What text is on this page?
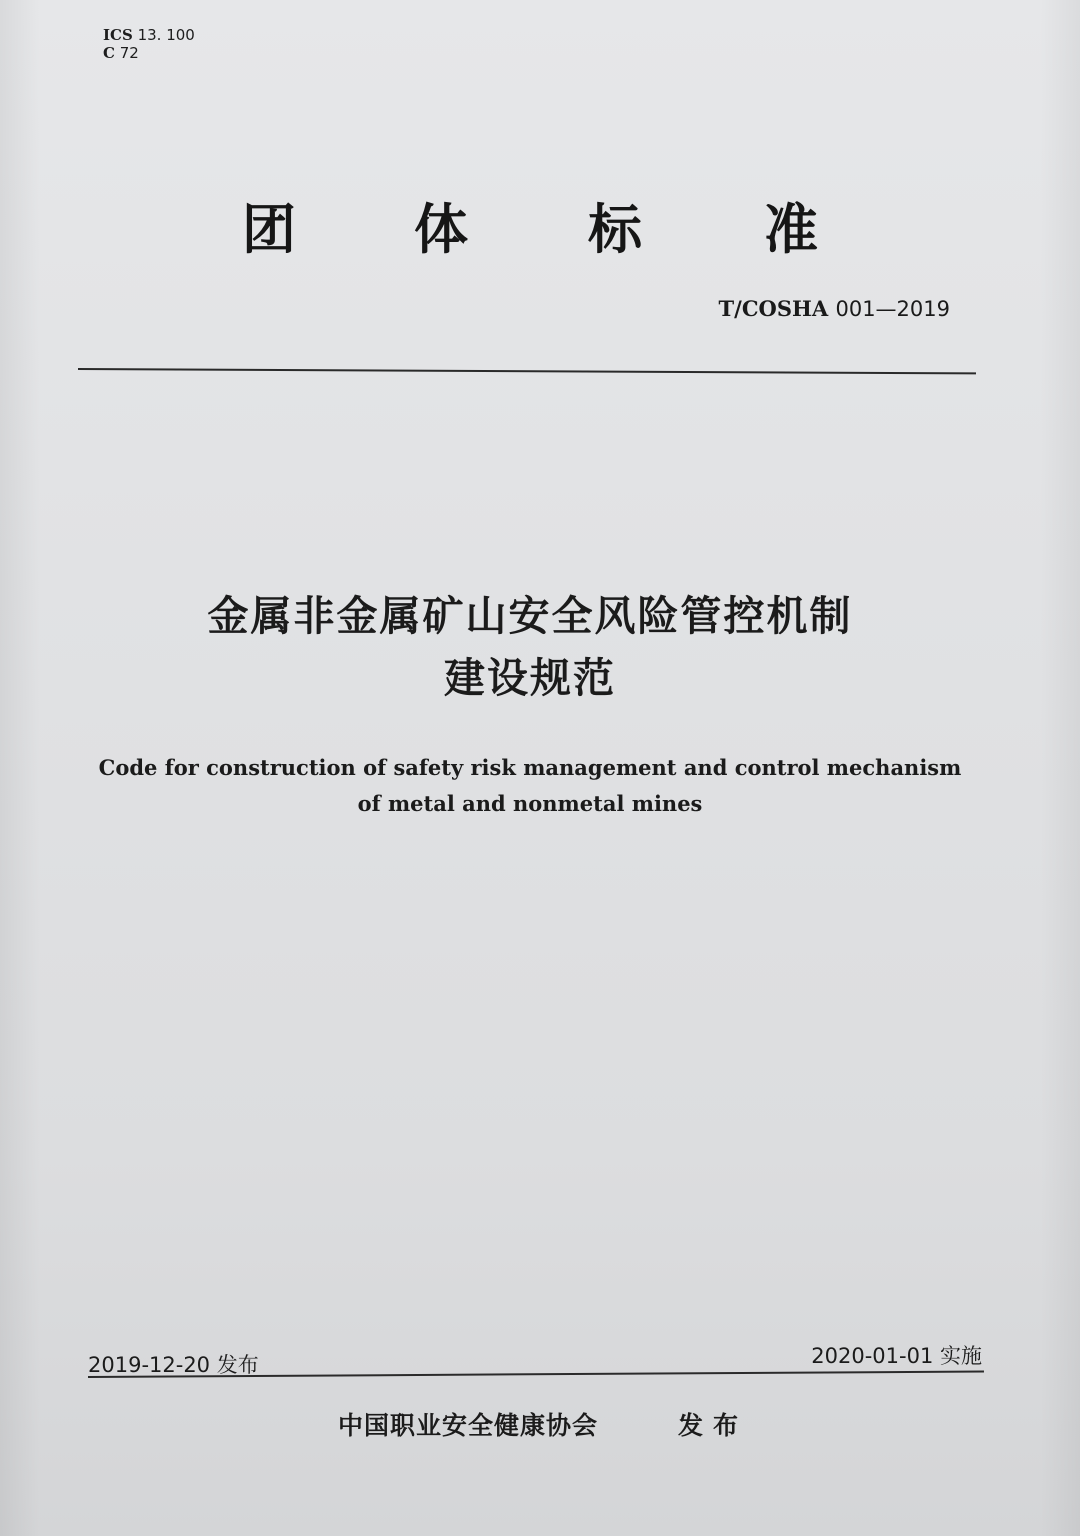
ICS 13. 100
C 72
团 体 标 准
T/COSHA 001—2019
金属非金属矿山安全风险管控机制
建设规范
Code for construction of safety risk management and control mechanism
of metal and nonmetal mines
2019-12-20 发布	2020-01-01 实施
中国职业安全健康协会	发布
